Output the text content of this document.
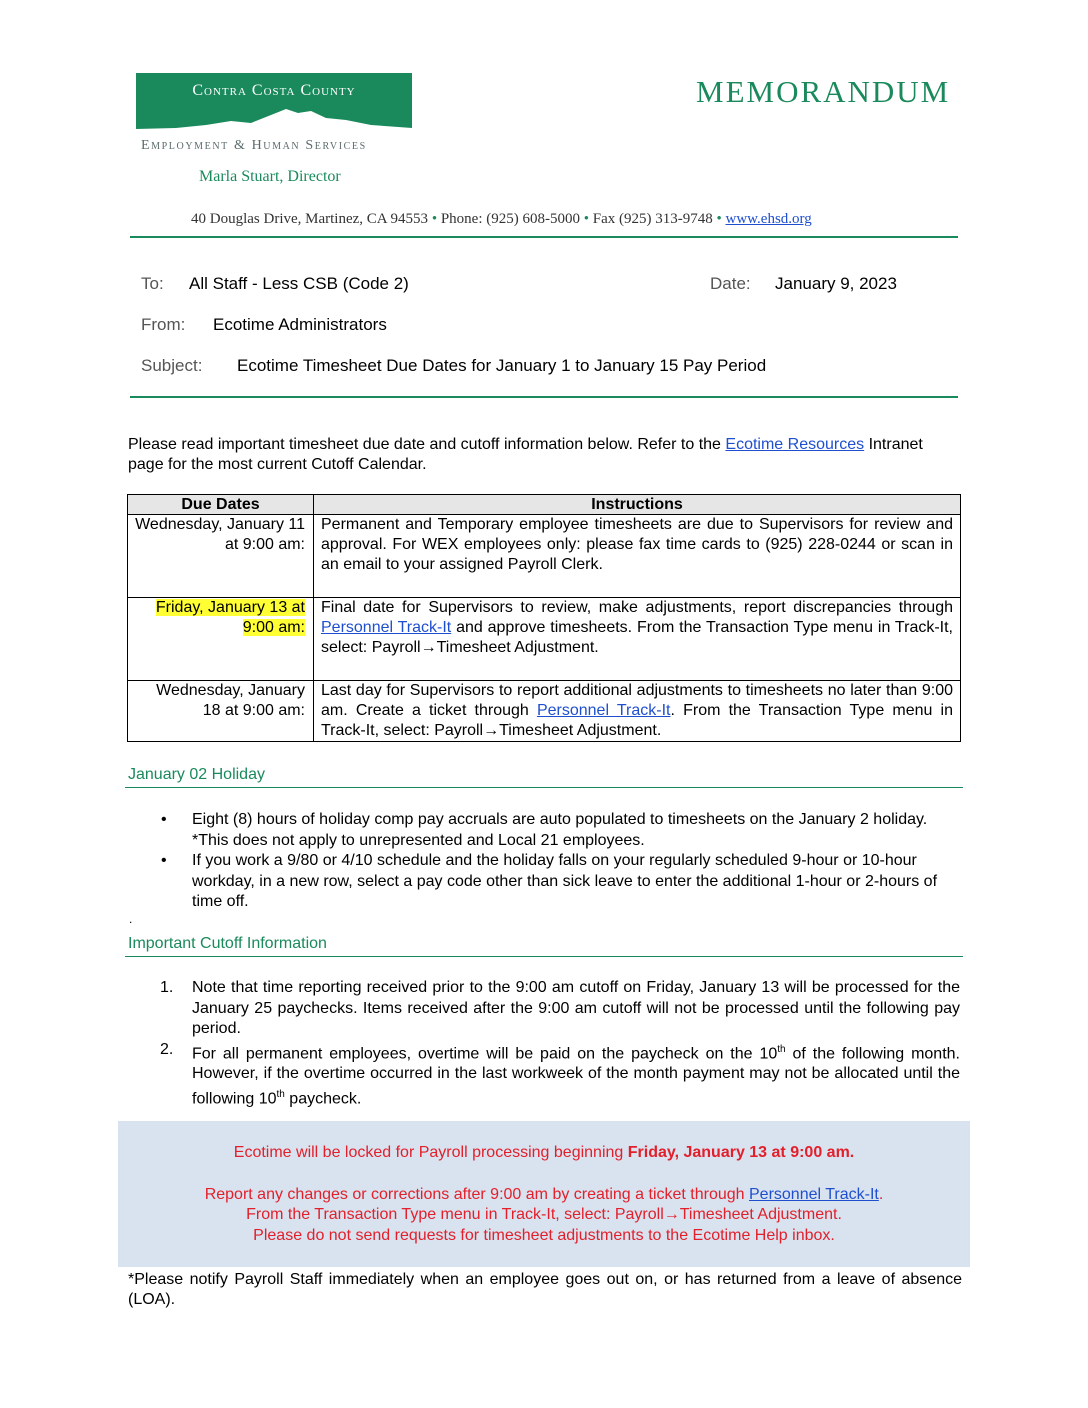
Contra Costa County
Employment & Human Services
Marla Stuart, Director
MEMORANDUM
40 Douglas Drive, Martinez, CA 94553 • Phone: (925) 608-5000 • Fax (925) 313-9748 • www.ehsd.org
To: All Staff - Less CSB (Code 2)	Date: January 9, 2023
From: Ecotime Administrators
Subject: Ecotime Timesheet Due Dates for January 1 to January 15 Pay Period

Please read important timesheet due date and cutoff information below. Refer to the Ecotime Resources Intranet page for the most current Cutoff Calendar.

Due Dates	Instructions
Wednesday, January 11 at 9:00 am:	Permanent and Temporary employee timesheets are due to Supervisors for review and approval. For WEX employees only: please fax time cards to (925) 228-0244 or scan in an email to your assigned Payroll Clerk.
Friday, January 13 at 9:00 am:	Final date for Supervisors to review, make adjustments, report discrepancies through Personnel Track-It and approve timesheets. From the Transaction Type menu in Track-It, select: Payroll→Timesheet Adjustment.
Wednesday, January 18 at 9:00 am:	Last day for Supervisors to report additional adjustments to timesheets no later than 9:00 am. Create a ticket through Personnel Track-It. From the Transaction Type menu in Track-It, select: Payroll→Timesheet Adjustment.
January 02 Holiday
• Eight (8) hours of holiday comp pay accruals are auto populated to timesheets on the January 2 holiday. *This does not apply to unrepresented and Local 21 employees.
• If you work a 9/80 or 4/10 schedule and the holiday falls on your regularly scheduled 9-hour or 10-hour workday, in a new row, select a pay code other than sick leave to enter the additional 1-hour or 2-hours of time off.
.
Important Cutoff Information
1. Note that time reporting received prior to the 9:00 am cutoff on Friday, January 13 will be processed for the January 25 paychecks. Items received after the 9:00 am cutoff will not be processed until the following pay period.
2. For all permanent employees, overtime will be paid on the paycheck on the 10th of the following month. However, if the overtime occurred in the last workweek of the month payment may not be allocated until the following 10th paycheck.
Ecotime will be locked for Payroll processing beginning Friday, January 13 at 9:00 am.
Report any changes or corrections after 9:00 am by creating a ticket through Personnel Track-It.
From the Transaction Type menu in Track-It, select: Payroll→Timesheet Adjustment.
Please do not send requests for timesheet adjustments to the Ecotime Help inbox.

*Please notify Payroll Staff immediately when an employee goes out on, or has returned from a leave of absence (LOA).
